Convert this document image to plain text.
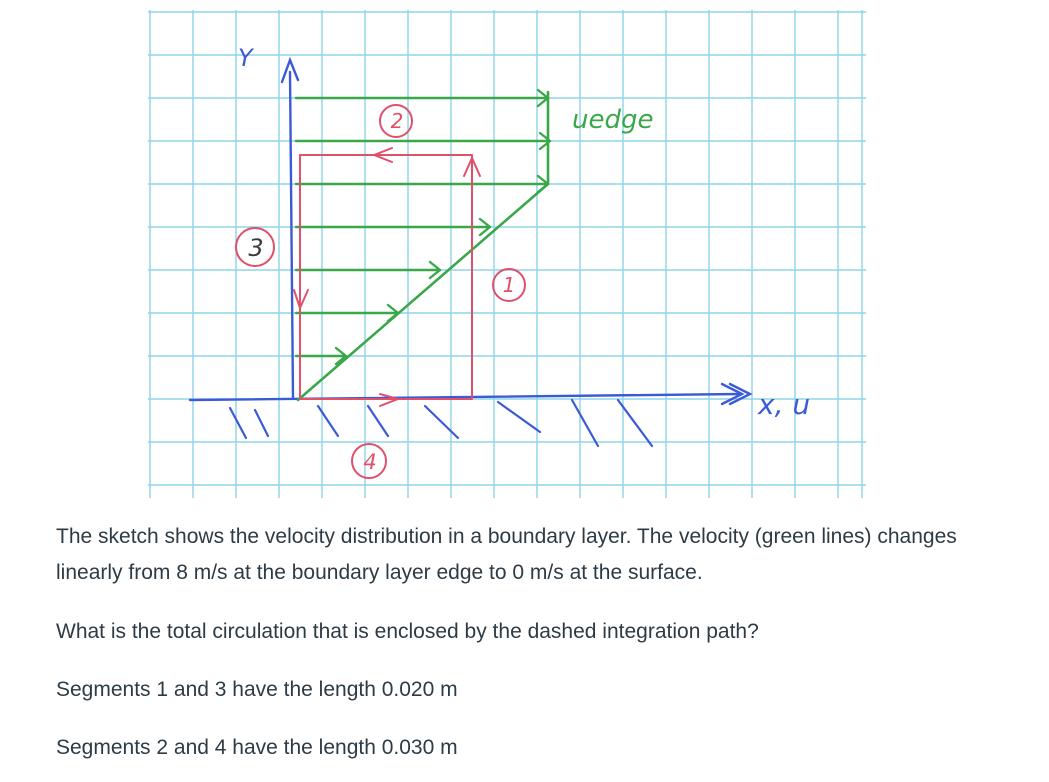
1
2
3
4
Y
x, u
uedge

The sketch shows the velocity distribution in a boundary layer. The velocity (green lines) changes linearly from 8 m/s at the boundary layer edge to 0 m/s at the surface.

What is the total circulation that is enclosed by the dashed integration path?

Segments 1 and 3 have the length 0.020 m

Segments 2 and 4 have the length 0.030 m
